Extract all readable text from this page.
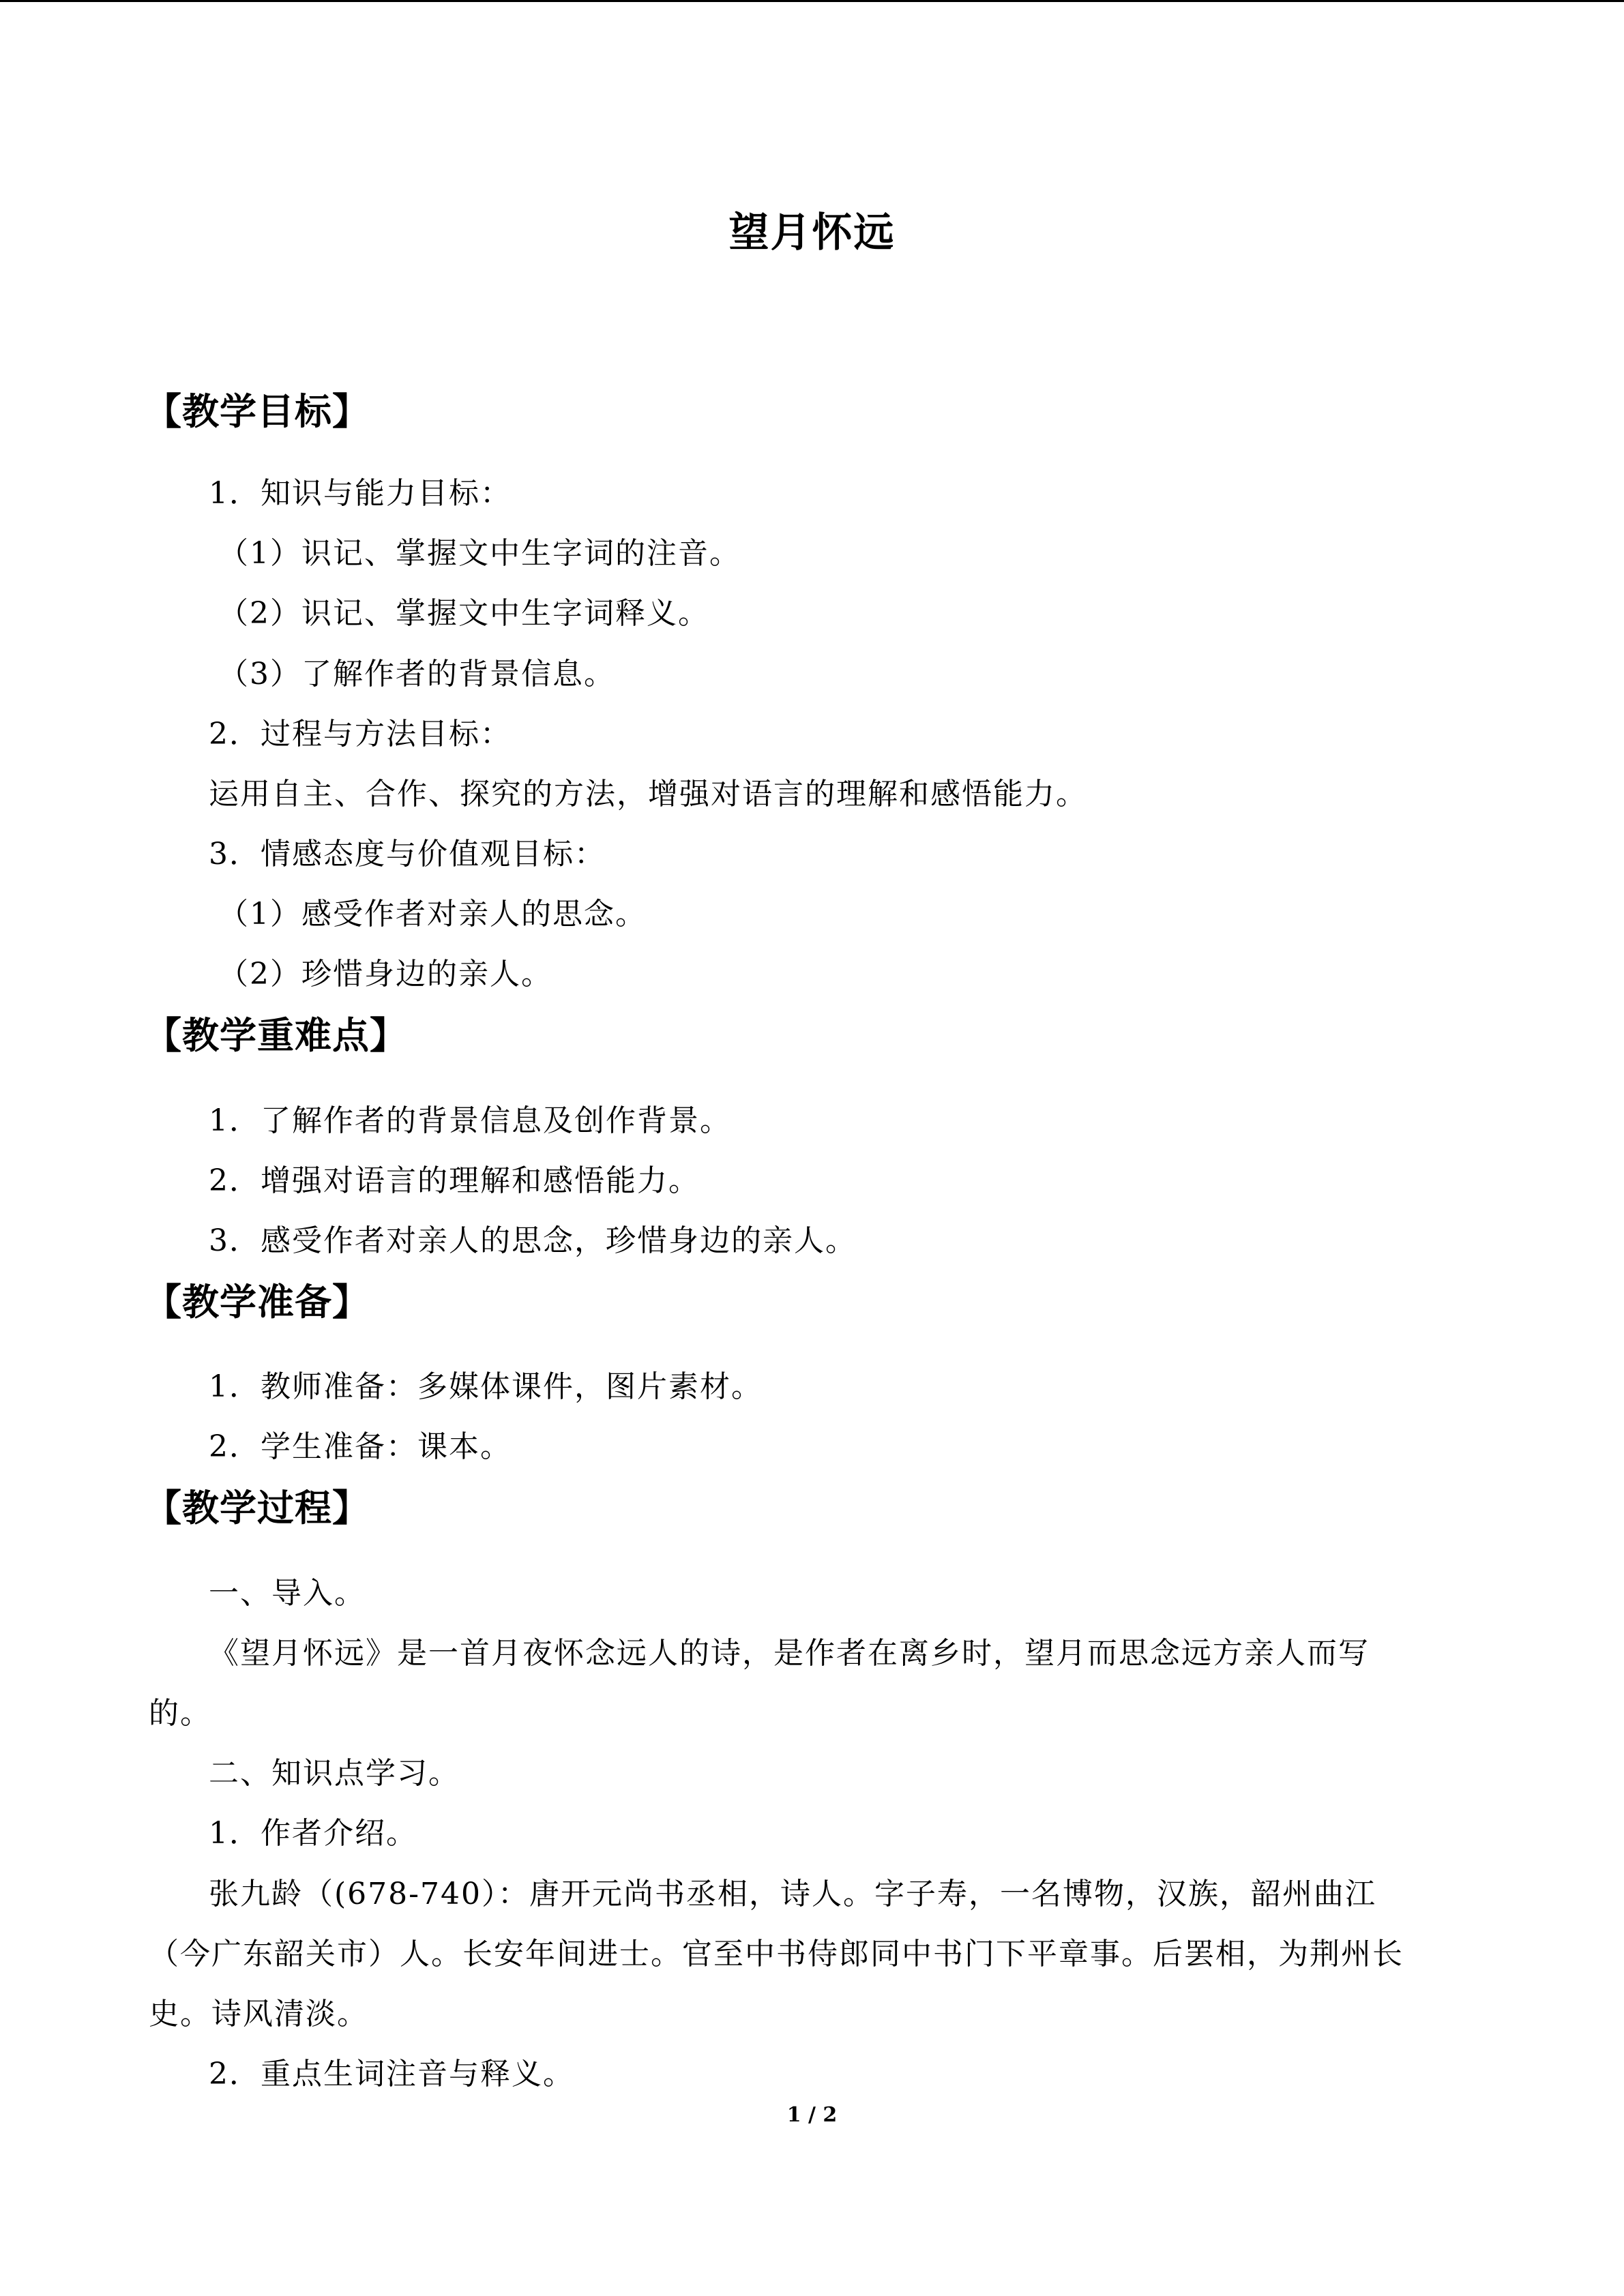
望月怀远
【教学目标】
1．知识与能力目标：
（1）识记、掌握文中生字词的注音。
（2）识记、掌握文中生字词释义。
（3）了解作者的背景信息。
2．过程与方法目标：
运用自主、合作、探究的方法，增强对语言的理解和感悟能力。
3．情感态度与价值观目标：
（1）感受作者对亲人的思念。
（2）珍惜身边的亲人。
【教学重难点】
1．了解作者的背景信息及创作背景。
2．增强对语言的理解和感悟能力。
3．感受作者对亲人的思念，珍惜身边的亲人。
【教学准备】
1．教师准备：多媒体课件，图片素材。
2．学生准备：课本。
【教学过程】
一、导入。
《望月怀远》是一首月夜怀念远人的诗，是作者在离乡时，望月而思念远方亲人而写
的。
二、知识点学习。
1．作者介绍。
张九龄（(678-740）：唐开元尚书丞相，诗人。字子寿，一名博物，汉族，韶州曲江
（今广东韶关市）人。长安年间进士。官至中书侍郎同中书门下平章事。后罢相，为荆州长
史。诗风清淡。
2．重点生词注音与释义。
1 / 2
